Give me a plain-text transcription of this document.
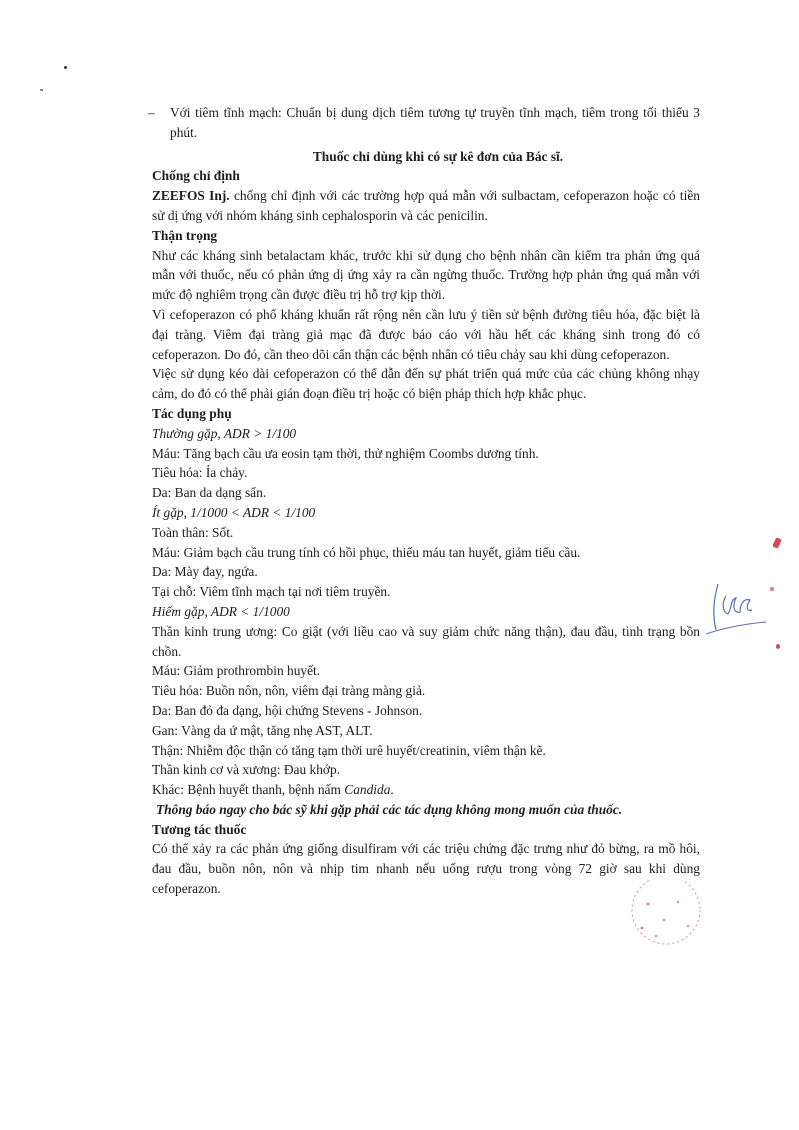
–	Với tiêm tĩnh mạch: Chuẩn bị dung dịch tiêm tương tự truyền tĩnh mạch, tiêm trong tối thiểu 3 phút.

Thuốc chỉ dùng khi có sự kê đơn của Bác sĩ.

Chống chỉ định

ZEEFOS Inj. chống chỉ định với các trường hợp quá mẫn với sulbactam, cefoperazon hoặc có tiền sử dị ứng với nhóm kháng sinh cephalosporin và các penicilin.

Thận trọng

Như các kháng sinh betalactam khác, trước khi sử dụng cho bệnh nhân cần kiểm tra phản ứng quá mẫn với thuốc, nếu có phản ứng dị ứng xảy ra cần ngừng thuốc. Trường hợp phản ứng quá mẫn với mức độ nghiêm trọng cần được điều trị hỗ trợ kịp thời.

Vì cefoperazon có phổ kháng khuẩn rất rộng nên cần lưu ý tiền sử bệnh đường tiêu hóa, đặc biệt là đại tràng. Viêm đại tràng giả mạc đã được báo cáo với hầu hết các kháng sinh trong đó có cefoperazon. Do đó, cần theo dõi cẩn thận các bệnh nhân có tiêu chảy sau khi dùng cefoperazon.

Việc sử dụng kéo dài cefoperazon có thể dẫn đến sự phát triển quá mức của các chủng không nhạy cảm, do đó có thể phải gián đoạn điều trị hoặc có biện pháp thích hợp khắc phục.

Tác dụng phụ

Thường gặp, ADR > 1/100

Máu: Tăng bạch cầu ưa eosin tạm thời, thử nghiệm Coombs dương tính.

Tiêu hóa: Ỉa chảy.

Da: Ban da dạng sẩn.

Ít gặp, 1/1000 < ADR < 1/100

Toàn thân: Sốt.

Máu: Giảm bạch cầu trung tính có hồi phục, thiếu máu tan huyết, giảm tiểu cầu.

Da: Mày đay, ngứa.

Tại chỗ: Viêm tĩnh mạch tại nơi tiêm truyền.

Hiếm gặp, ADR < 1/1000

Thần kinh trung ương: Co giật (với liều cao và suy giảm chức năng thận), đau đầu, tình trạng bồn chồn.

Máu: Giảm prothrombin huyết.

Tiêu hóa: Buồn nôn, nôn, viêm đại tràng màng giả.

Da: Ban đỏ đa dạng, hội chứng Stevens - Johnson.

Gan: Vàng da ứ mật, tăng nhẹ AST, ALT.

Thận: Nhiễm độc thận có tăng tạm thời urê huyết/creatinin, viêm thận kẽ.

Thần kinh cơ và xương: Đau khớp.

Khác: Bệnh huyết thanh, bệnh nấm Candida.

Thông báo ngay cho bác sỹ khi gặp phải các tác dụng không mong muốn của thuốc.

Tương tác thuốc

Có thể xảy ra các phản ứng giống disulfiram với các triệu chứng đặc trưng như đỏ bừng, ra mồ hôi, đau đầu, buồn nôn, nôn và nhịp tim nhanh nếu uống rượu trong vòng 72 giờ sau khi dùng cefoperazon.
